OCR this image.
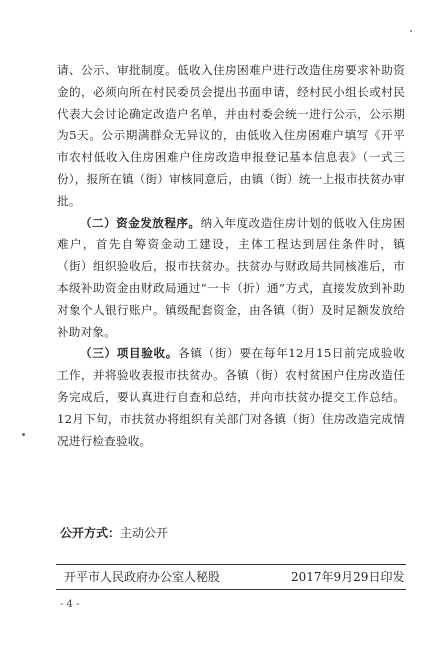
请、公示、审批制度。低收入住房困难户进行改造住房要求补助资金的，必须向所在村民委员会提出书面申请，经村民小组长或村民代表大会讨论确定改造户名单，并由村委会统一进行公示，公示期为5天。公示期满群众无异议的，由低收入住房困难户填写《开平市农村低收入住房困难户住房改造申报登记基本信息表》（一式三份），报所在镇（街）审核同意后，由镇（街）统一上报市扶贫办审批。

（二）资金发放程序。纳入年度改造住房计划的低收入住房困难户，首先自筹资金动工建设，主体工程达到居住条件时，镇（街）组织验收后，报市扶贫办。扶贫办与财政局共同核准后，市本级补助资金由财政局通过“一卡（折）通”方式，直接发放到补助对象个人银行账户。镇级配套资金，由各镇（街）及时足额发放给补助对象。

（三）项目验收。各镇（街）要在每年12月15日前完成验收工作，并将验收表报市扶贫办。各镇（街）农村贫困户住房改造任务完成后，要认真进行自查和总结，并向市扶贫办提交工作总结。12月下旬，市扶贫办将组织有关部门对各镇（街）住房改造完成情况进行检查验收。

公开方式：主动公开
开平市人民政府办公室人秘股	2017年9月29日印发
- 4 -
